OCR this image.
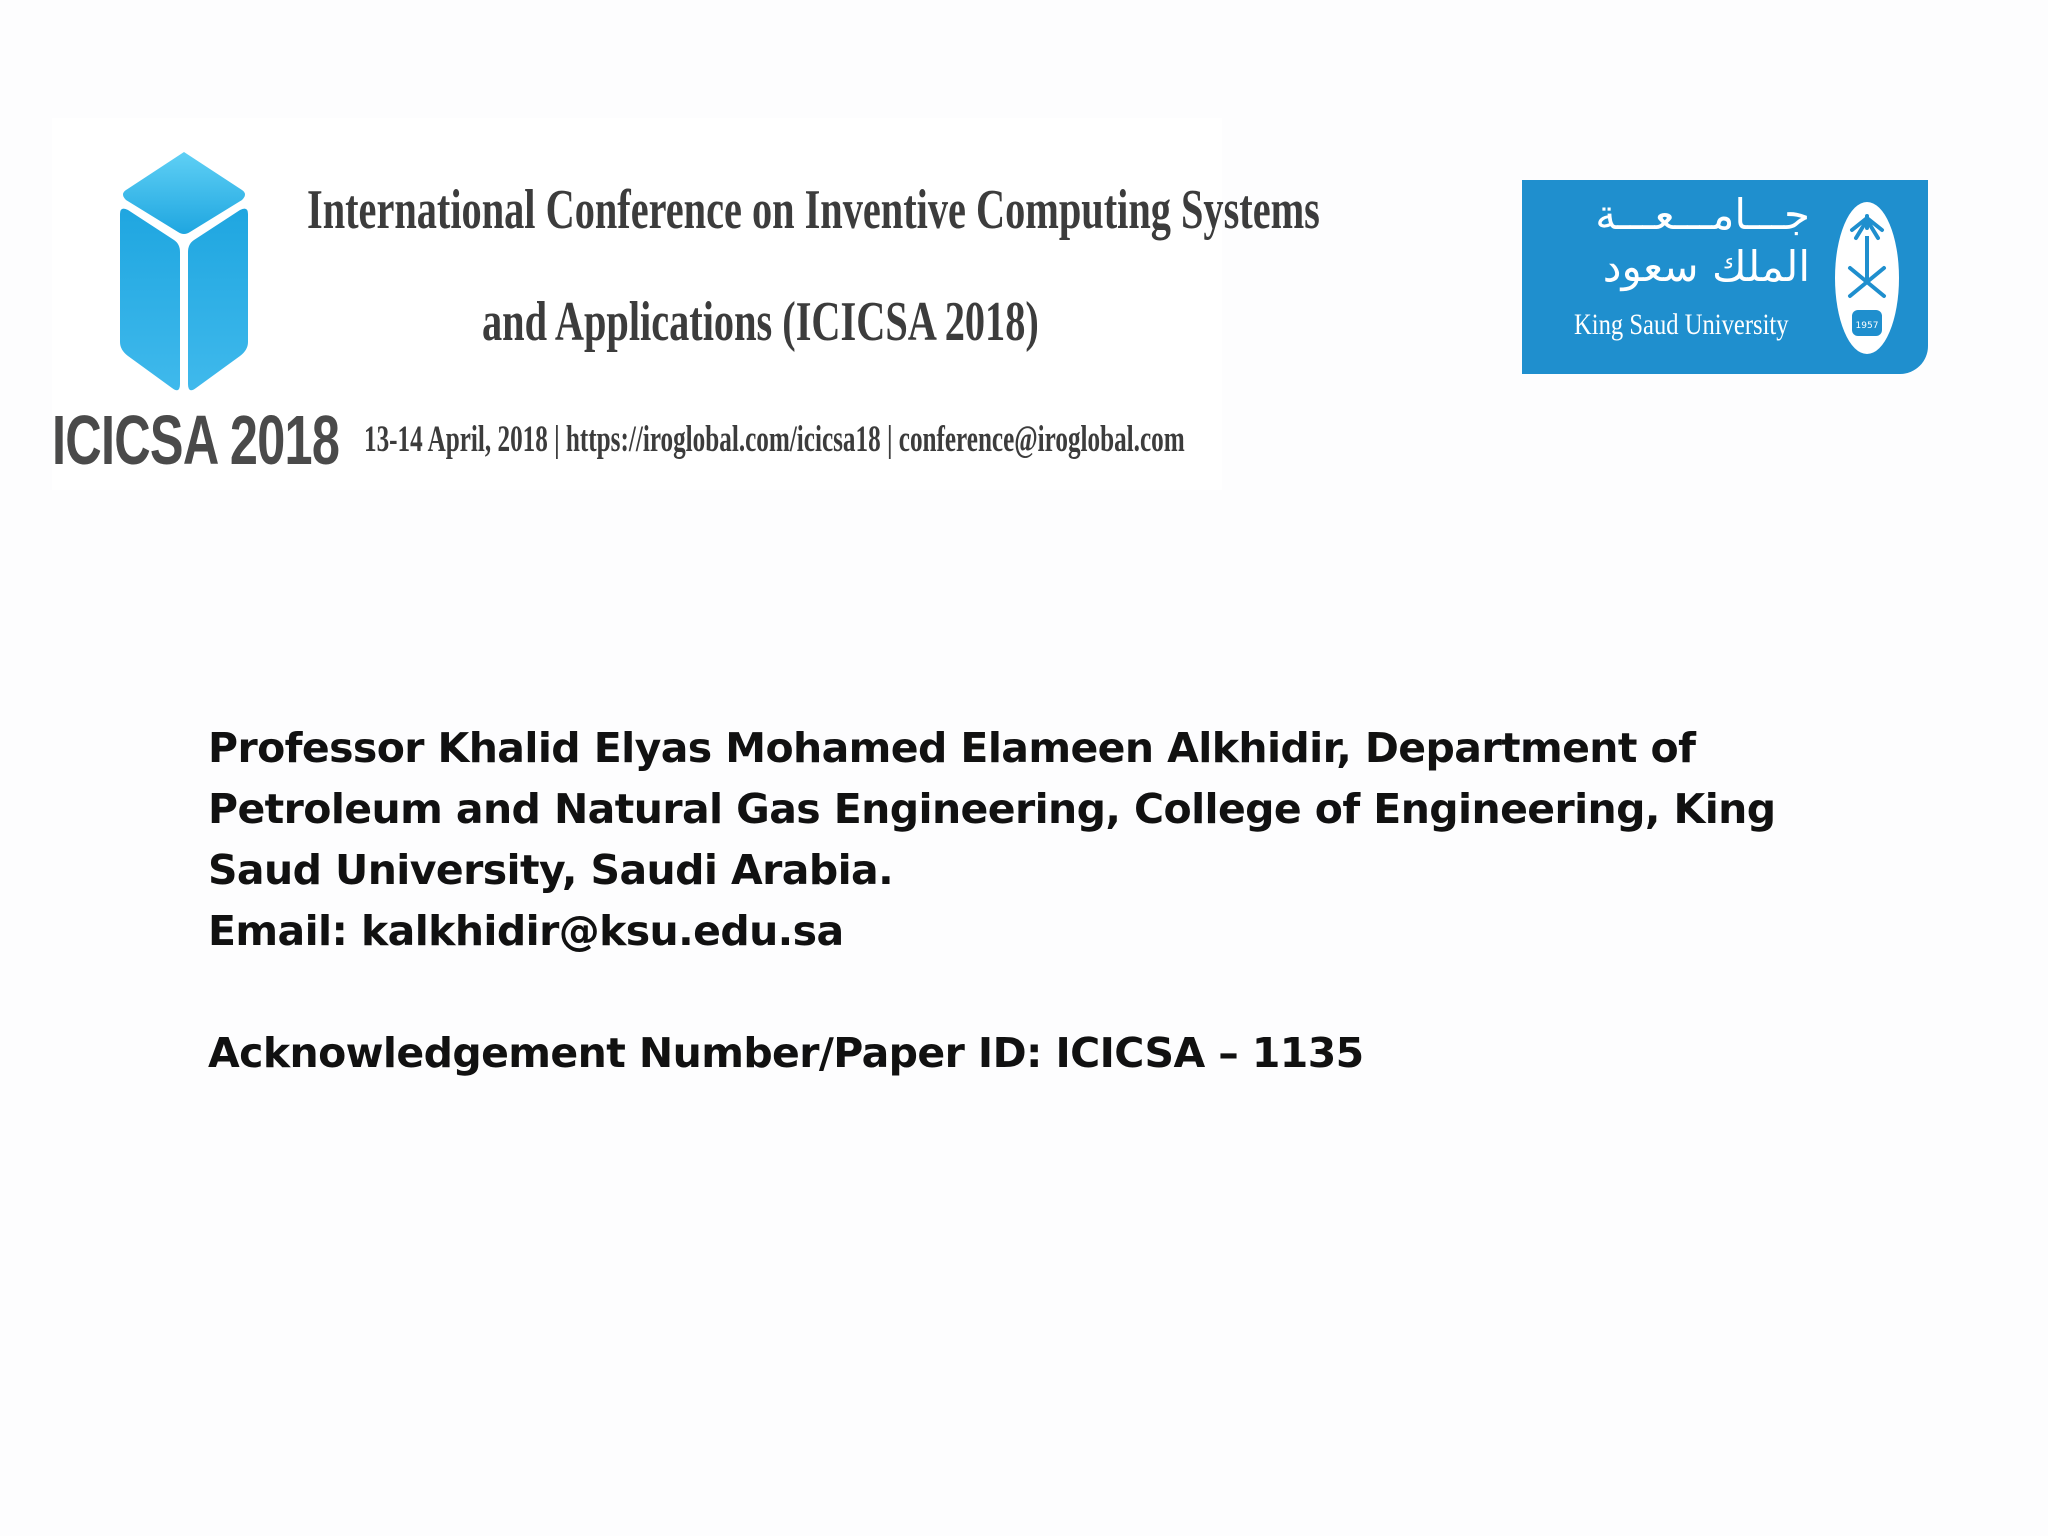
ICICSA 2018
International Conference on Inventive Computing Systems
and Applications (ICICSA 2018)
13-14 April, 2018 | https://iroglobal.com/icicsa18 | conference@iroglobal.com
جـــامـــعـــة
الملك سعود
King Saud University	1957
Professor Khalid Elyas Mohamed Elameen Alkhidir, Department of
Petroleum and Natural Gas Engineering, College of Engineering, King
Saud University, Saudi Arabia.
Email: kalkhidir@ksu.edu.sa
Acknowledgement Number/Paper ID: ICICSA – 1135
